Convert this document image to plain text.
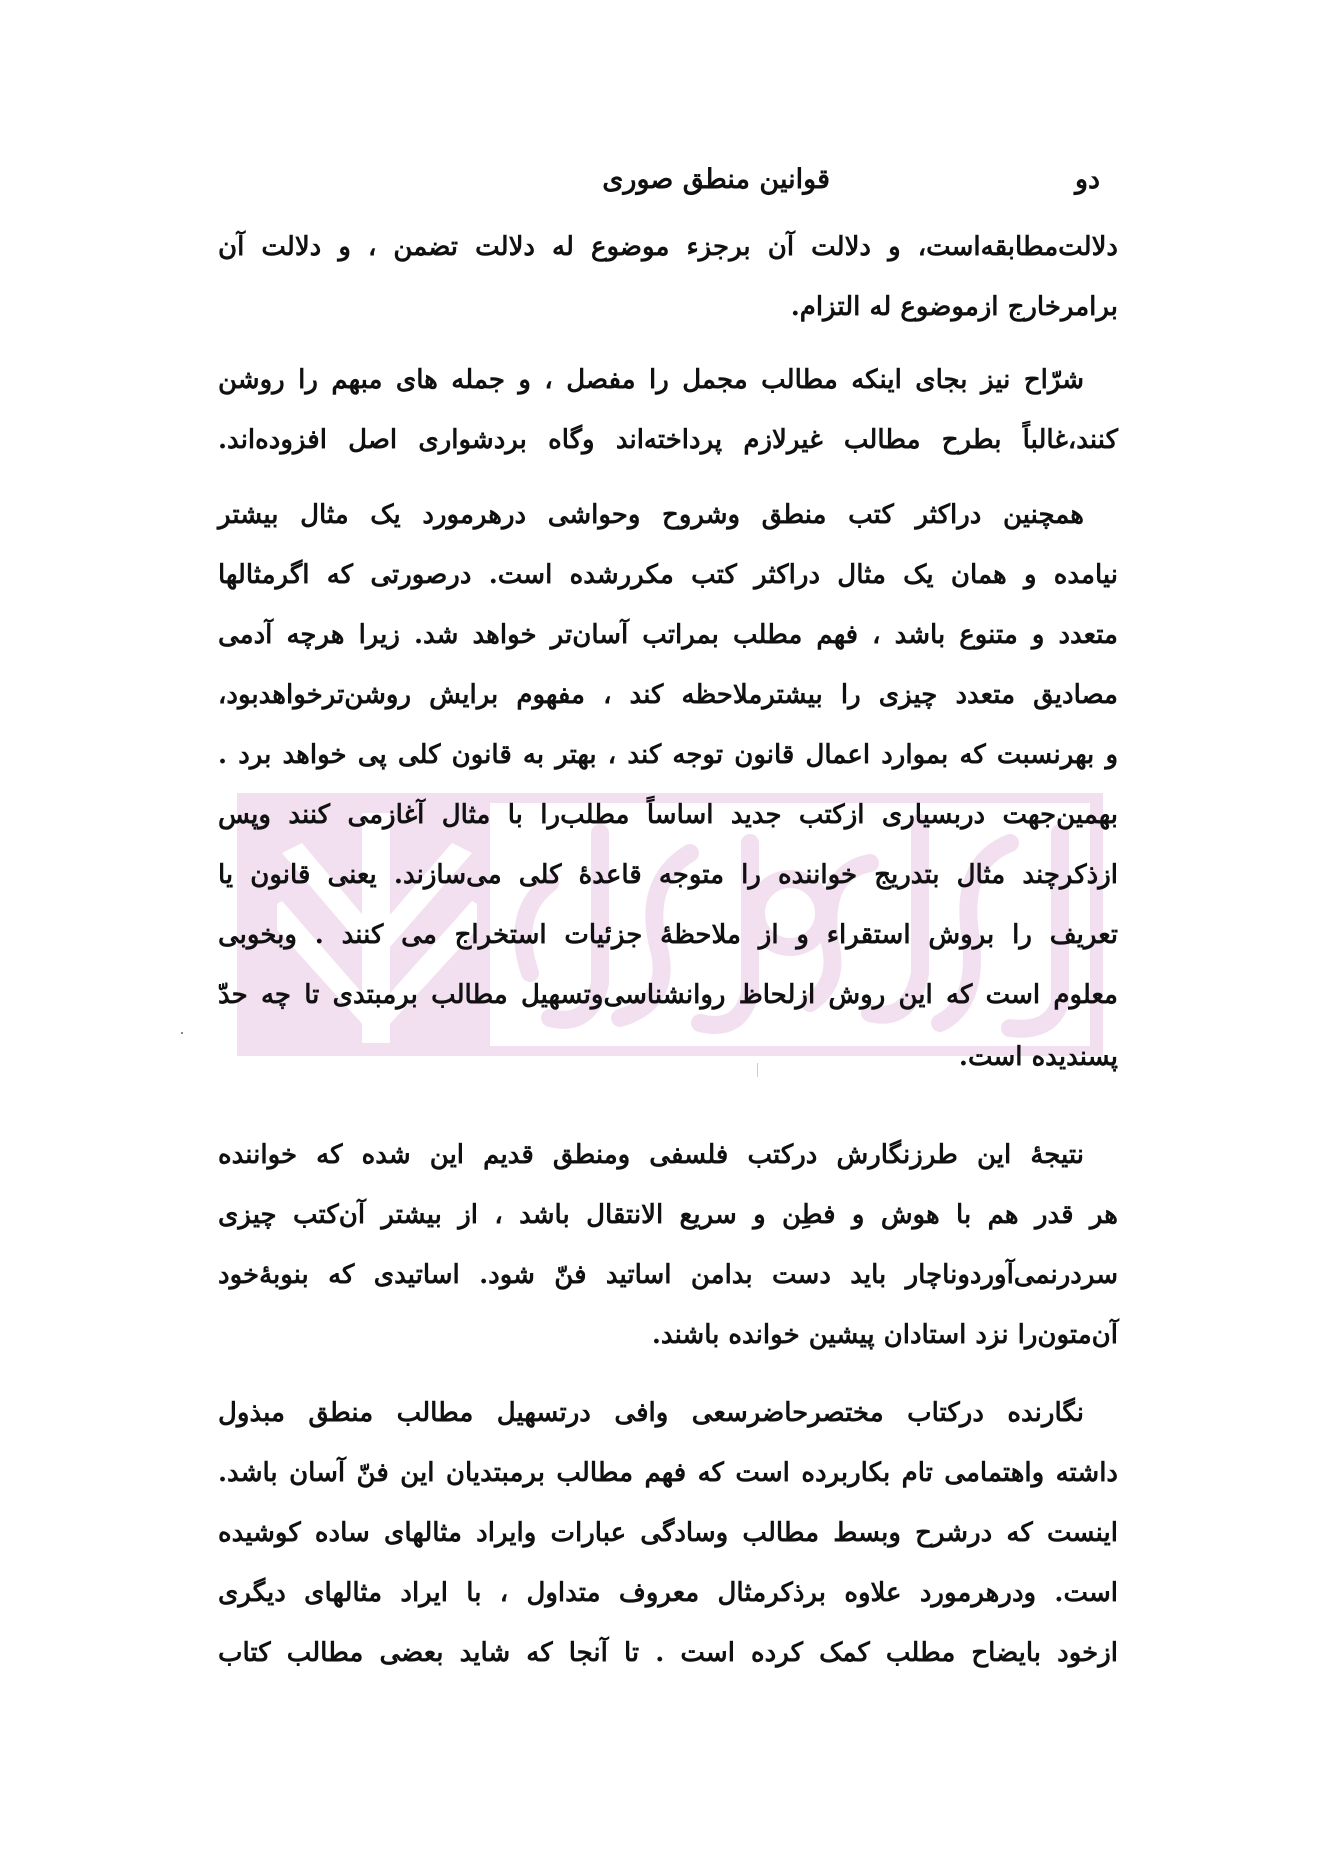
دو
قوانین منطق صوری
دلالت‌مطابقه‌است، و دلالت آن برجزء موضوع له دلالت تضمن ، و دلالت آن
برامرخارج ازموضوع له التزام.
شرّاح نیز بجای اینکه مطالب مجمل را مفصل ، و جمله های مبهم را روشن
کنند،غالباً بطرح مطالب غیرلازم پرداخته‌اند وگاه بردشواری اصل افزوده‌اند.
همچنین دراکثر کتب منطق وشروح وحواشی درهرمورد یک مثال بیشتر
نیامده و همان یک مثال دراکثر کتب مکررشده است. درصورتی که اگرمثالها
متعدد و متنوع باشد ، فهم مطلب بمراتب آسان‌تر خواهد شد. زیرا هرچه آدمی
مصادیق متعدد چیزی را بیشترملاحظه کند ، مفهوم برایش روشن‌ترخواهدبود،
و بهرنسبت که بموارد اعمال قانون توجه کند ، بهتر به قانون کلی پی خواهد برد .
بهمین‌جهت دربسیاری ازکتب جدید اساساً مطلب‌را با مثال آغازمی کنند وپس
ازذکرچند مثال بتدریج خواننده را متوجه قاعدهٔ کلی می‌سازند. یعنی قانون یا
تعریف را بروش استقراء و از ملاحظهٔ جزئیات استخراج می کنند . وبخوبی
معلوم است که این روش ازلحاظ روانشناسی‌وتسهیل مطالب برمبتدی تا چه حدّ
پسندیده است.
نتیجهٔ این طرزنگارش درکتب فلسفی ومنطق قدیم این شده که خواننده
هر قدر هم با هوش و فطِن و سریع الانتقال باشد ، از بیشتر آن‌کتب چیزی
سردرنمی‌آوردوناچار باید دست بدامن اساتید فنّ شود. اساتیدی که بنوبهٔ‌خود
آن‌متون‌را نزد استادان پیشین خوانده باشند.
نگارنده درکتاب مختصرحاضرسعی وافی درتسهیل مطالب منطق مبذول
داشته واهتمامی تام بکاربرده است که فهم مطالب برمبتدیان این فنّ آسان باشد.
اینست که درشرح وبسط مطالب وسادگی عبارات وایراد مثالهای ساده کوشیده
است. ودرهرمورد علاوه برذکرمثال معروف متداول ، با ایراد مثالهای دیگری
ازخود بایضاح مطلب کمک کرده است . تا آنجا که شاید بعضی مطالب کتاب
